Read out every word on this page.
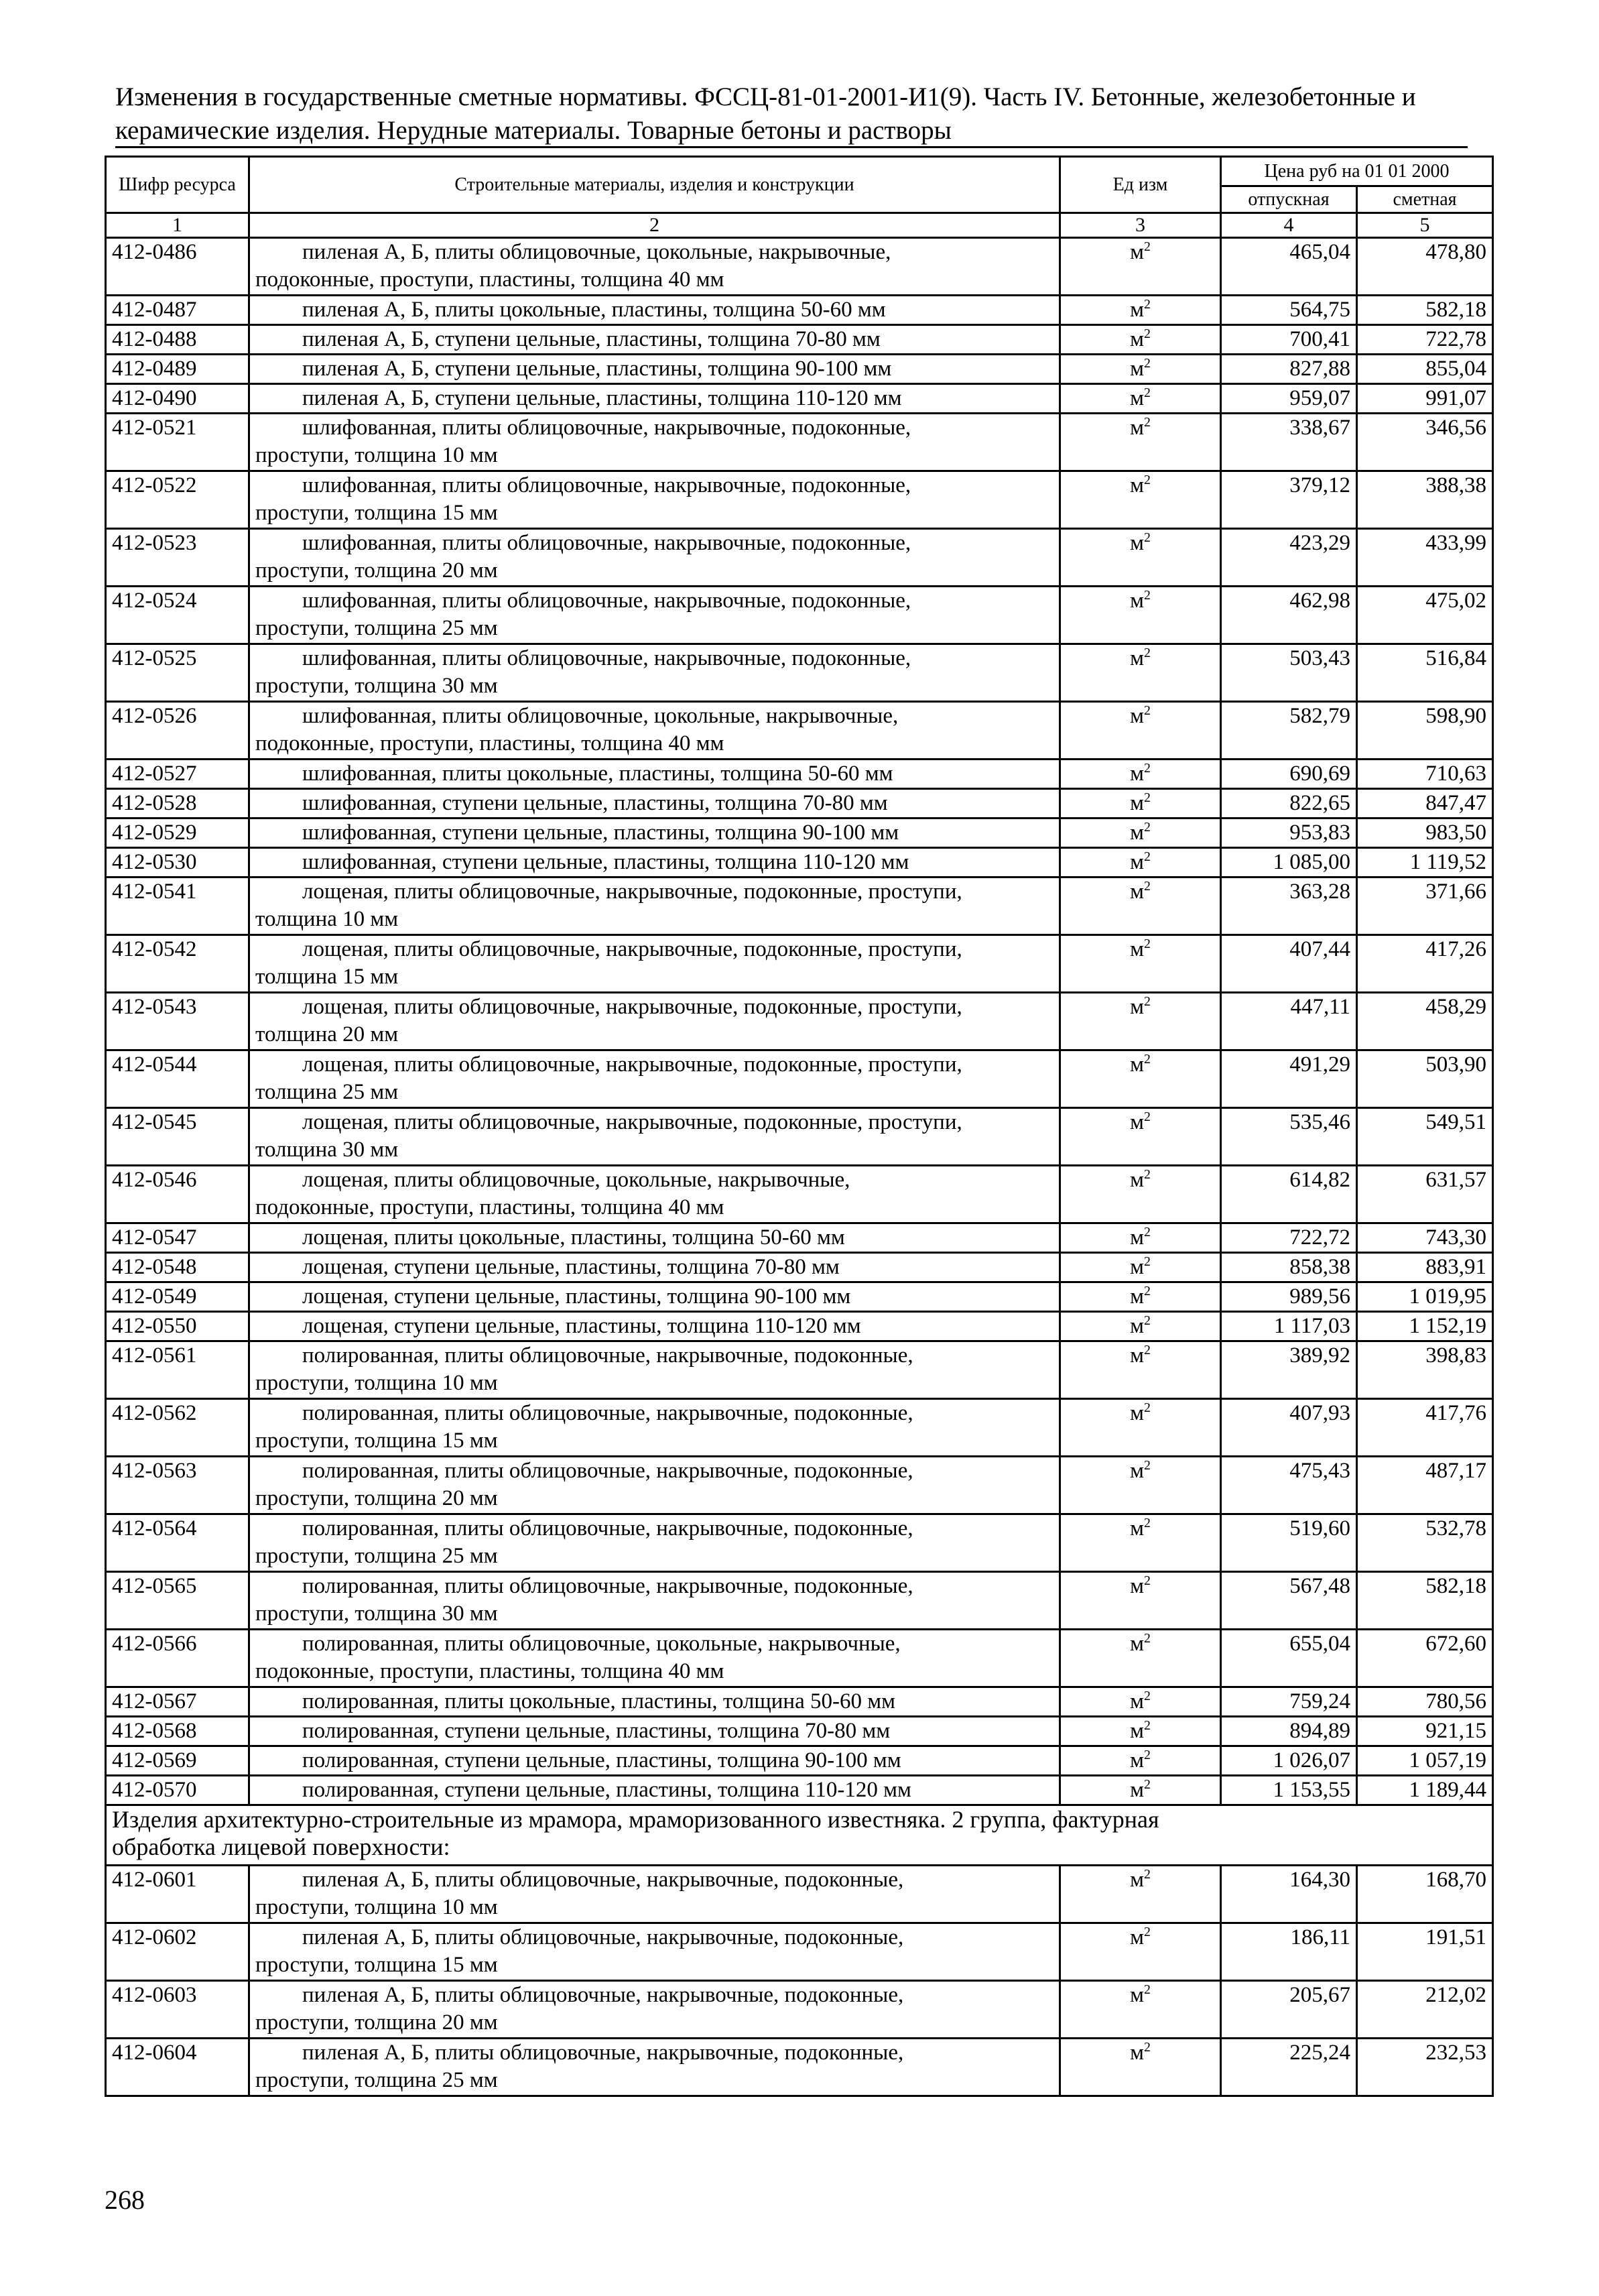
Изменения в государственные сметные нормативы. ФССЦ-81-01-2001-И1(9). Часть IV. Бетонные, железобетонные и
керамические изделия. Нерудные материалы. Товарные бетоны и растворы
Шифр ресурса	Строительные материалы, изделия и конструкции	Ед изм	Цена руб на 01 01 2000	
			отпускная	сметная
1	2	3	4	5
412-0486	пиленая А, Б, плиты облицовочные, цокольные, накрывочные,
подоконные, проступи, пластины, толщина 40 мм	$м^2$	465,04	478,80
412-0487	пиленая А, Б, плиты цокольные, пластины, толщина 50-60 мм	$м^2$	564,75	582,18
412-0488	пиленая А, Б, ступени цельные, пластины, толщина 70-80 мм	$м^2$	700,41	722,78
412-0489	пиленая А, Б, ступени цельные, пластины, толщина 90-100 мм	$м^2$	827,88	855,04
412-0490	пиленая А, Б, ступени цельные, пластины, толщина 110-120 мм	$м^2$	959,07	991,07
412-0521	шлифованная, плиты облицовочные, накрывочные, подоконные,
проступи, толщина 10 мм	$м^2$	338,67	346,56
412-0522	шлифованная, плиты облицовочные, накрывочные, подоконные,
проступи, толщина 15 мм	$м^2$	379,12	388,38
412-0523	шлифованная, плиты облицовочные, накрывочные, подоконные,
проступи, толщина 20 мм	$м^2$	423,29	433,99
412-0524	шлифованная, плиты облицовочные, накрывочные, подоконные,
проступи, толщина 25 мм	$м^2$	462,98	475,02
412-0525	шлифованная, плиты облицовочные, накрывочные, подоконные,
проступи, толщина 30 мм	$м^2$	503,43	516,84
412-0526	шлифованная, плиты облицовочные, цокольные, накрывочные,
подоконные, проступи, пластины, толщина 40 мм	$м^2$	582,79	598,90
412-0527	шлифованная, плиты цокольные, пластины, толщина 50-60 мм	$м^2$	690,69	710,63
412-0528	шлифованная, ступени цельные, пластины, толщина 70-80 мм	$м^2$	822,65	847,47
412-0529	шлифованная, ступени цельные, пластины, толщина 90-100 мм	$м^2$	953,83	983,50
412-0530	шлифованная, ступени цельные, пластины, толщина 110-120 мм	$м^2$	1 085,00	1 119,52
412-0541	лощеная, плиты облицовочные, накрывочные, подоконные, проступи,
толщина 10 мм	$м^2$	363,28	371,66
412-0542	лощеная, плиты облицовочные, накрывочные, подоконные, проступи,
толщина 15 мм	$м^2$	407,44	417,26
412-0543	лощеная, плиты облицовочные, накрывочные, подоконные, проступи,
толщина 20 мм	$м^2$	447,11	458,29
412-0544	лощеная, плиты облицовочные, накрывочные, подоконные, проступи,
толщина 25 мм	$м^2$	491,29	503,90
412-0545	лощеная, плиты облицовочные, накрывочные, подоконные, проступи,
толщина 30 мм	$м^2$	535,46	549,51
412-0546	лощеная, плиты облицовочные, цокольные, накрывочные,
подоконные, проступи, пластины, толщина 40 мм	$м^2$	614,82	631,57
412-0547	лощеная, плиты цокольные, пластины, толщина 50-60 мм	$м^2$	722,72	743,30
412-0548	лощеная, ступени цельные, пластины, толщина 70-80 мм	$м^2$	858,38	883,91
412-0549	лощеная, ступени цельные, пластины, толщина 90-100 мм	$м^2$	989,56	1 019,95
412-0550	лощеная, ступени цельные, пластины, толщина 110-120 мм	$м^2$	1 117,03	1 152,19
412-0561	полированная, плиты облицовочные, накрывочные, подоконные,
проступи, толщина 10 мм	$м^2$	389,92	398,83
412-0562	полированная, плиты облицовочные, накрывочные, подоконные,
проступи, толщина 15 мм	$м^2$	407,93	417,76
412-0563	полированная, плиты облицовочные, накрывочные, подоконные,
проступи, толщина 20 мм	$м^2$	475,43	487,17
412-0564	полированная, плиты облицовочные, накрывочные, подоконные,
проступи, толщина 25 мм	$м^2$	519,60	532,78
412-0565	полированная, плиты облицовочные, накрывочные, подоконные,
проступи, толщина 30 мм	$м^2$	567,48	582,18
412-0566	полированная, плиты облицовочные, цокольные, накрывочные,
подоконные, проступи, пластины, толщина 40 мм	$м^2$	655,04	672,60
412-0567	полированная, плиты цокольные, пластины, толщина 50-60 мм	$м^2$	759,24	780,56
412-0568	полированная, ступени цельные, пластины, толщина 70-80 мм	$м^2$	894,89	921,15
412-0569	полированная, ступени цельные, пластины, толщина 90-100 мм	$м^2$	1 026,07	1 057,19
412-0570	полированная, ступени цельные, пластины, толщина 110-120 мм	$м^2$	1 153,55	1 189,44

Изделия архитектурно-строительные из мрамора, мраморизованного известняка. 2 группа, фактурная
обработка лицевой поверхности:				

412-0601	пиленая А, Б, плиты облицовочные, накрывочные, подоконные,
проступи, толщина 10 мм	$м^2$	164,30	168,70
412-0602	пиленая А, Б, плиты облицовочные, накрывочные, подоконные,
проступи, толщина 15 мм	$м^2$	186,11	191,51
412-0603	пиленая А, Б, плиты облицовочные, накрывочные, подоконные,
проступи, толщина 20 мм	$м^2$	205,67	212,02
412-0604	пиленая А, Б, плиты облицовочные, накрывочные, подоконные,
проступи, толщина 25 мм	$м^2$	225,24	232,53
268
